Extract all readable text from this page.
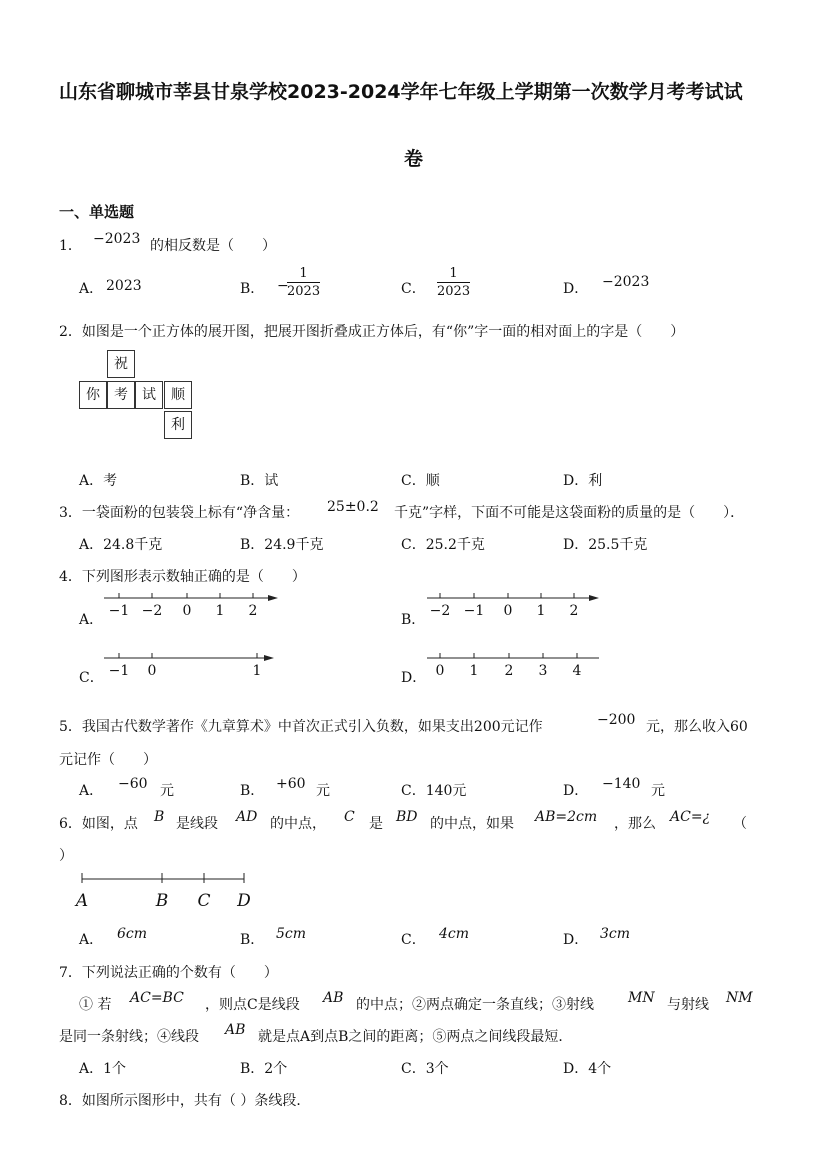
山东省聊城市莘县甘泉学校2023-2024学年七年级上学期第一次数学月考考试试
卷
一、单选题
1． −2023 的相反数是（　　）
A． 2023	B． −
$\frac{1}{2023}$	C． $\frac{1}{2023}$	D． −2023
2．如图是一个正方体的展开图，把展开图折叠成正方体后，有“你”字一面的相对面上的字是（　　）
祝
你	考	试	顺
利
A．考	B．试	C．顺	D．利
3．一袋面粉的包装袋上标有“净含量： 25±0.2 千克”字样，下面不可能是这袋面粉的质量的是（　　）．
A．24.8千克	B．24.9千克	C．25.2千克	D．25.5千克
4．下列图形表示数轴正确的是（　　）
A．
−1 −2 0 1 2
B．
−2 −1 0 1 2
C． −1 0	1	D． 0 1 2 3 4
5．我国古代数学著作《九章算术》中首次正式引入负数，如果支出200元记作	−200 元，那么收入60
元记作（　　）
A． −60 元	B． +60 元	C．140元	D． −140 元
6．如图，点 B 是线段 AD 的中点， C 是 BD 的中点，如果 AB=2cm ，那么 AC=¿ （
）
A	B C D
A． 6cm	B． 5cm	C． 4cm	D． 3cm
7．下列说法正确的个数有（　　）
① 若 AC=BC ，则点C是线段 AB 的中点；②两点确定一条直线；③射线 MN 与射线 NM
是同一条射线；④线段 AB 就是点A到点B之间的距离；⑤两点之间线段最短．
A．1个	B．2个	C．3个	D．4个
8．如图所示图形中，共有（ ）条线段．
